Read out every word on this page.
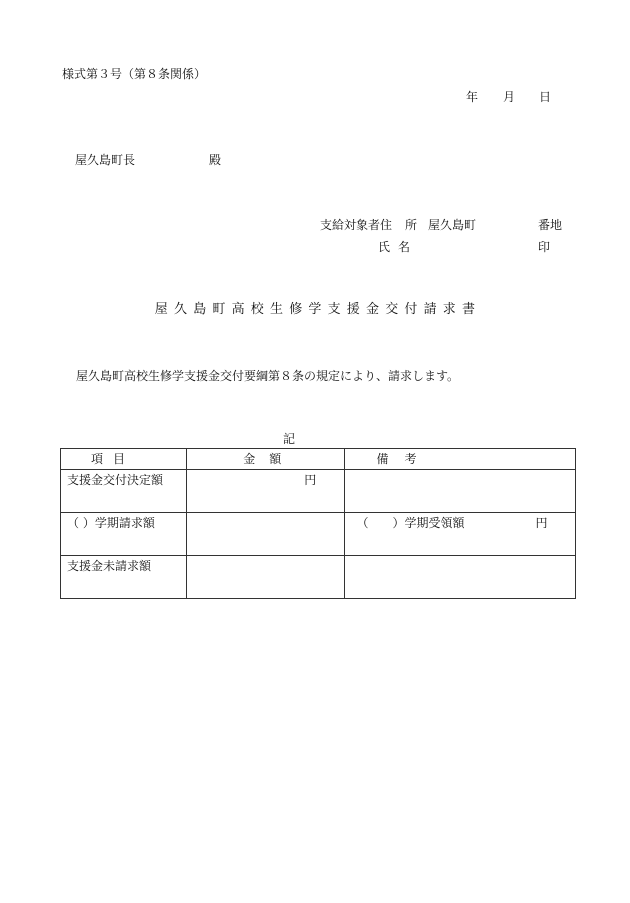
様式第３号（第８条関係）
年 月 日
屋久島町長	殿
支給対象者住 所 屋久島町	番地
氏名	印
屋久島町高校生修学支援金交付請求書
屋久島町高校生修学支援金交付要綱第８条の規定により、請求します。
記
項目	金額	備考

支援金交付決定額	円	

（ ）学期請求額		（　　）学期受領額 円

支援金未請求額		
